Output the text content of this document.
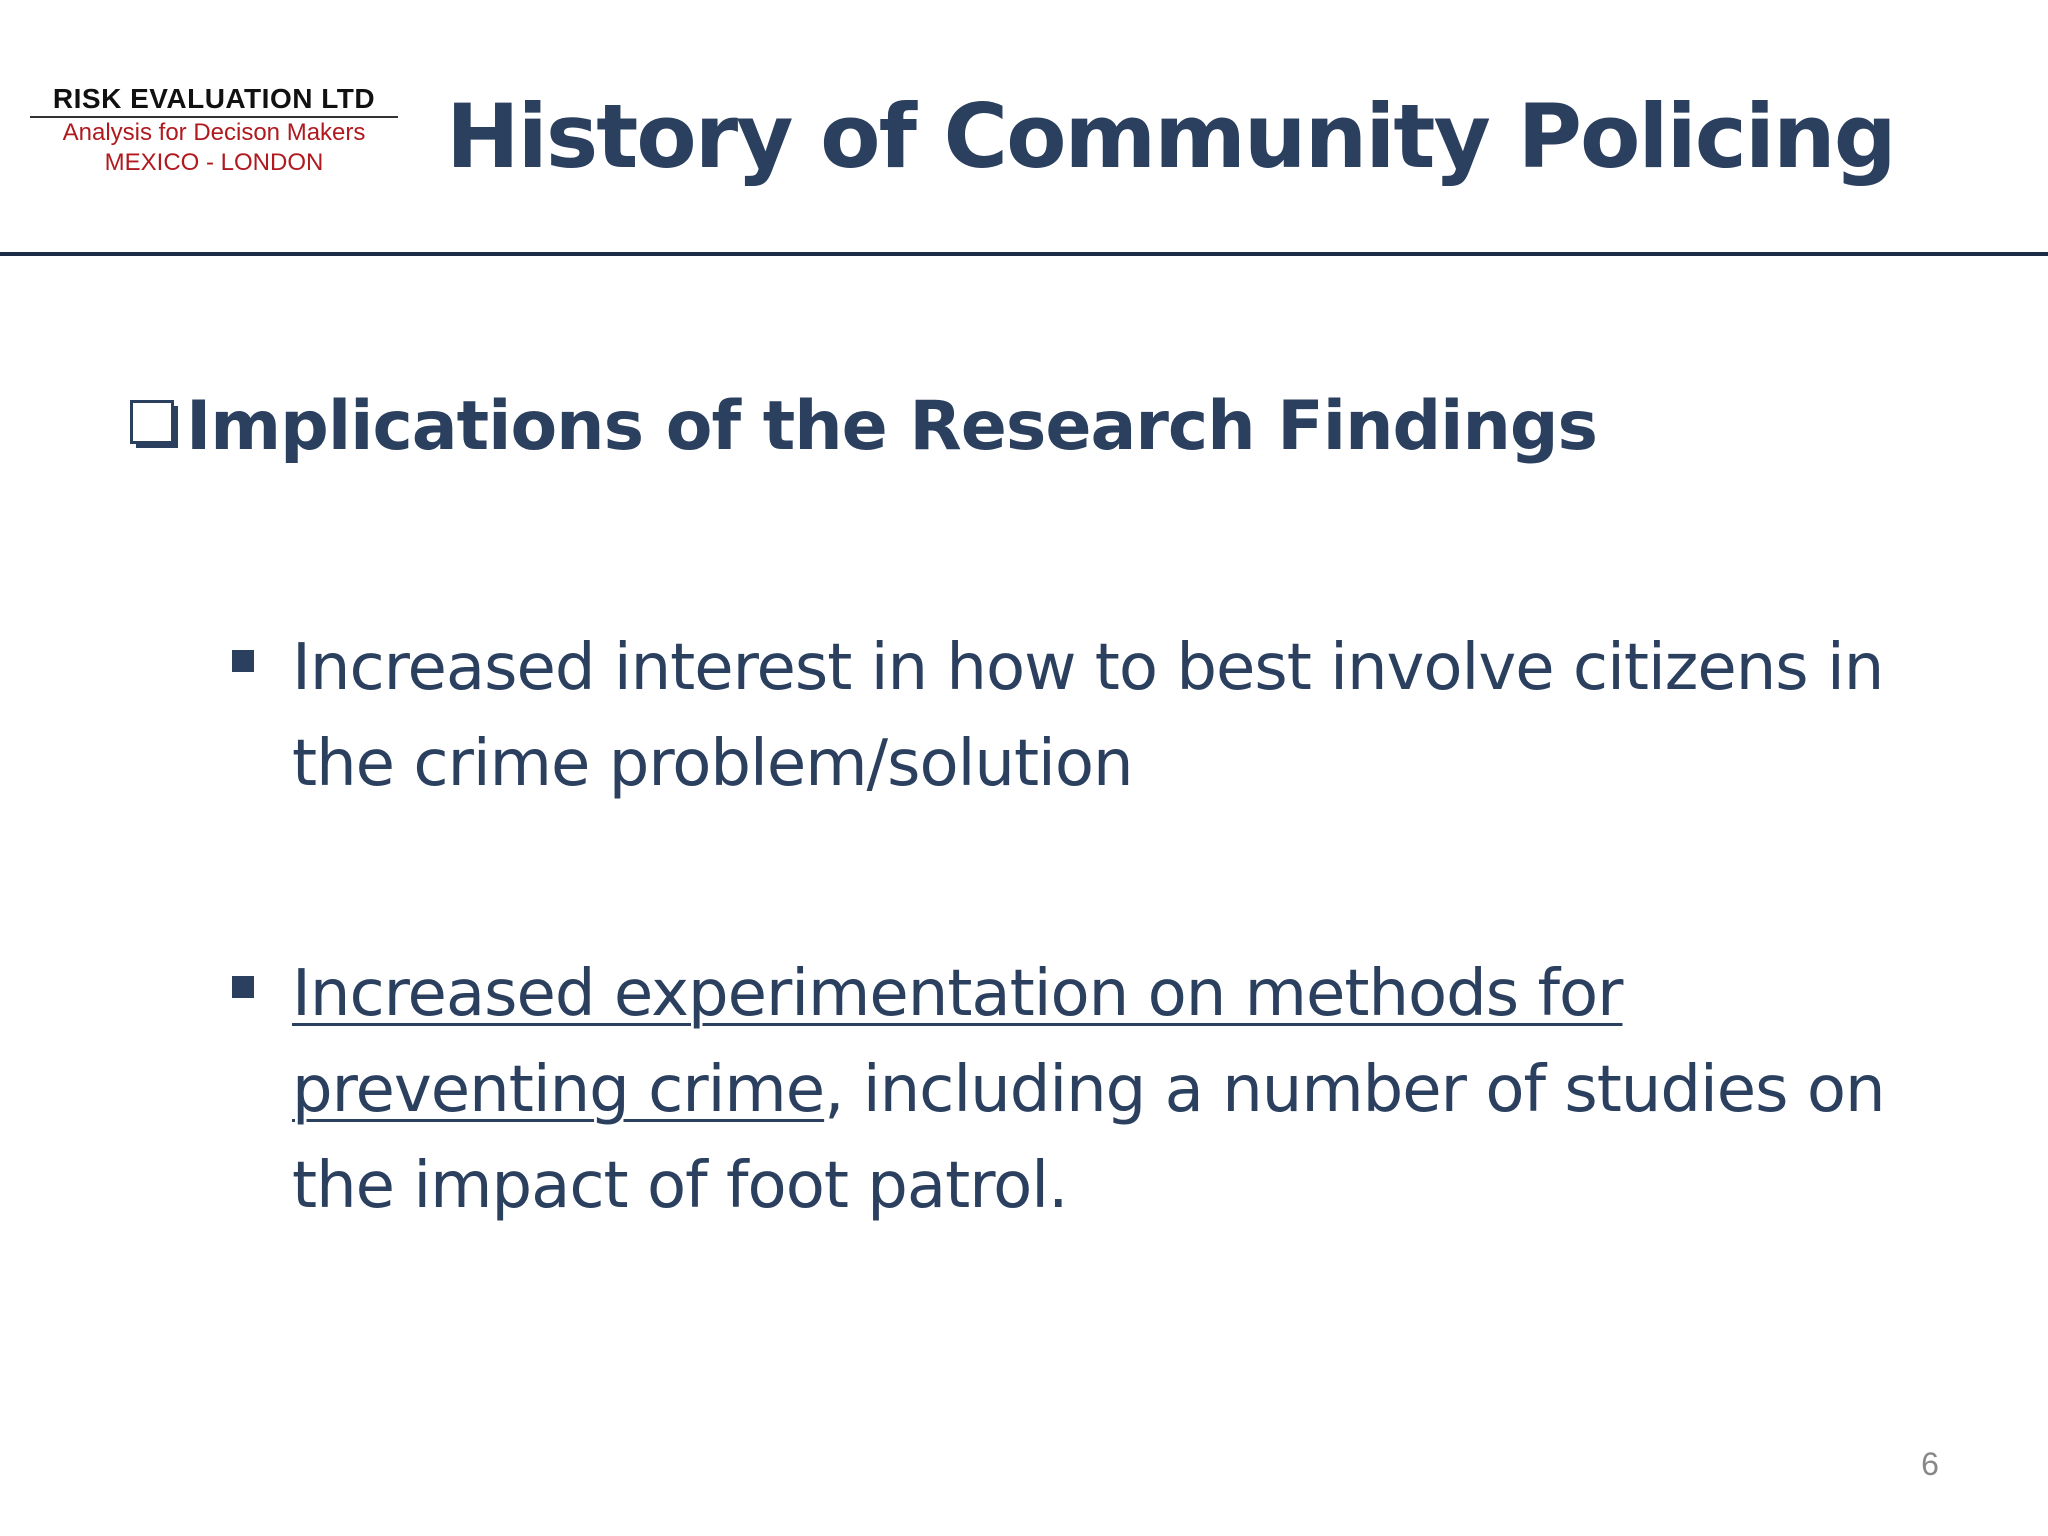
RISK EVALUATION LTD
Analysis for Decison Makers
MEXICO - LONDON	History of Community Policing
Implications of the Research Findings
Increased interest in how to best involve citizens in the crime problem/solution
Increased experimentation on methods for preventing crime, including a number of studies on the impact of foot patrol.
6
